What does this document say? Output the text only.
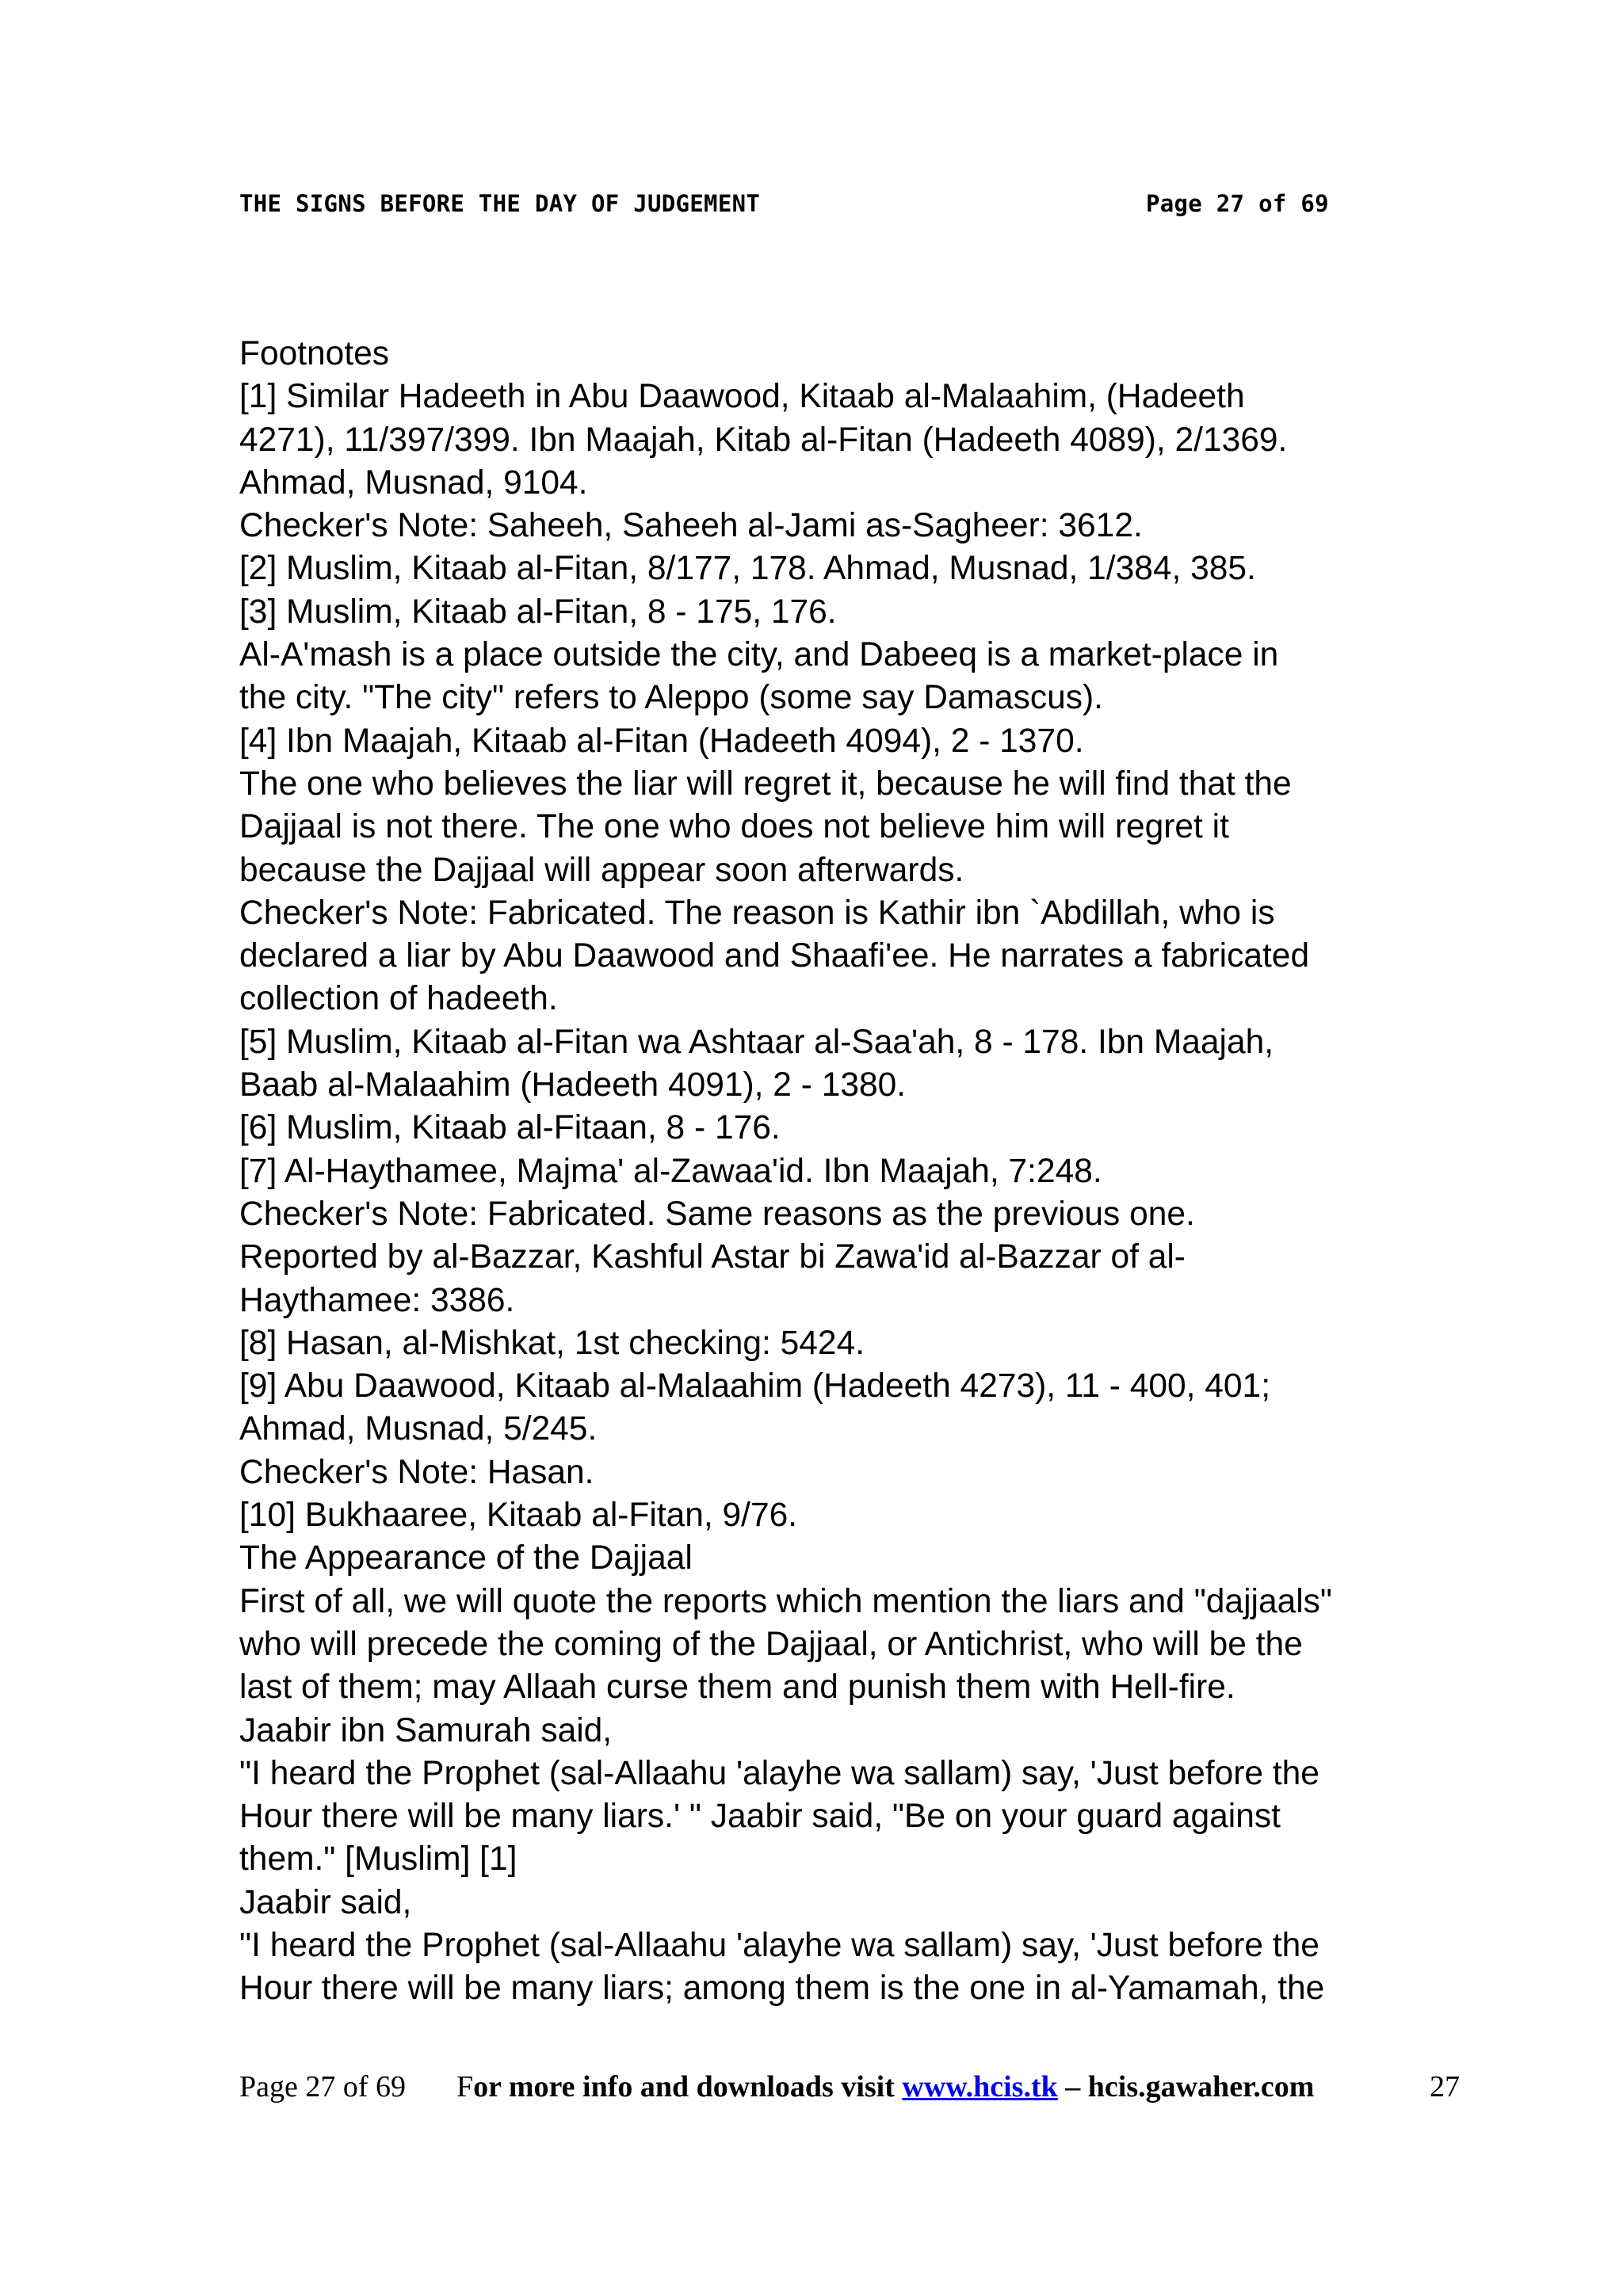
THE SIGNS BEFORE THE DAY OF JUDGEMENT	Page 27 of 69
Footnotes
[1] Similar Hadeeth in Abu Daawood, Kitaab al-Malaahim, (Hadeeth
4271), 11/397/399. Ibn Maajah, Kitab al-Fitan (Hadeeth 4089), 2/1369.
Ahmad, Musnad, 9104.
Checker's Note: Saheeh, Saheeh al-Jami as-Sagheer: 3612.
[2] Muslim, Kitaab al-Fitan, 8/177, 178. Ahmad, Musnad, 1/384, 385.
[3] Muslim, Kitaab al-Fitan, 8 - 175, 176.
Al-A'mash is a place outside the city, and Dabeeq is a market-place in
the city. "The city" refers to Aleppo (some say Damascus).
[4] Ibn Maajah, Kitaab al-Fitan (Hadeeth 4094), 2 - 1370.
The one who believes the liar will regret it, because he will find that the
Dajjaal is not there. The one who does not believe him will regret it
because the Dajjaal will appear soon afterwards.
Checker's Note: Fabricated. The reason is Kathir ibn `Abdillah, who is
declared a liar by Abu Daawood and Shaafi'ee. He narrates a fabricated
collection of hadeeth.
[5] Muslim, Kitaab al-Fitan wa Ashtaar al-Saa'ah, 8 - 178. Ibn Maajah,
Baab al-Malaahim (Hadeeth 4091), 2 - 1380.
[6] Muslim, Kitaab al-Fitaan, 8 - 176.
[7] Al-Haythamee, Majma' al-Zawaa'id. Ibn Maajah, 7:248.
Checker's Note: Fabricated. Same reasons as the previous one.
Reported by al-Bazzar, Kashful Astar bi Zawa'id al-Bazzar of al-
Haythamee: 3386.
[8] Hasan, al-Mishkat, 1st checking: 5424.
[9] Abu Daawood, Kitaab al-Malaahim (Hadeeth 4273), 11 - 400, 401;
Ahmad, Musnad, 5/245.
Checker's Note: Hasan.
[10] Bukhaaree, Kitaab al-Fitan, 9/76.
The Appearance of the Dajjaal
First of all, we will quote the reports which mention the liars and "dajjaals"
who will precede the coming of the Dajjaal, or Antichrist, who will be the
last of them; may Allaah curse them and punish them with Hell-fire.
Jaabir ibn Samurah said,
"I heard the Prophet (sal-Allaahu 'alayhe wa sallam) say, 'Just before the
Hour there will be many liars.' " Jaabir said, "Be on your guard against
them." [Muslim] [1]
Jaabir said,
"I heard the Prophet (sal-Allaahu 'alayhe wa sallam) say, 'Just before the
Hour there will be many liars; among them is the one in al-Yamamah, the
Page 27 of 69 For more info and downloads visit www.hcis.tk – hcis.gawaher.com	27
